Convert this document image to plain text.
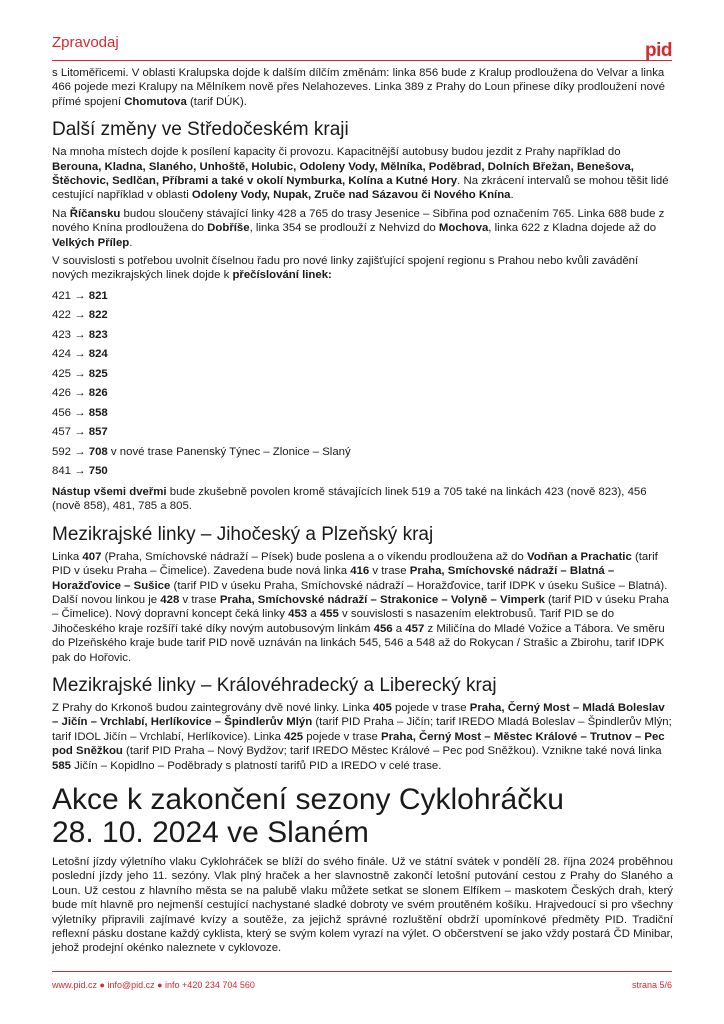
Zpravodaj	pid

s Litoměřicemi. V oblasti Kralupska dojde k dalším dílčím změnám: linka 856 bude z Kralup prodloužena do Velvar a linka 466 pojede mezi Kralupy na Mělníkem nově přes Nelahozeves. Linka 389 z Prahy do Loun přinese díky prodloužení nové přímé spojení Chomutova (tarif DÚK).

Další změny ve Středočeském kraji

Na mnoha místech dojde k posílení kapacity či provozu. Kapacitnější autobusy budou jezdit z Prahy například do Berouna, Kladna, Slaného, Unhoště, Holubic, Odoleny Vody, Mělníka, Poděbrad, Dolních Břežan, Benešova, Štěchovic, Sedlčan, Příbrami a také v okolí Nymburka, Kolína a Kutné Hory. Na zkrácení intervalů se mohou těšit lidé cestující například v oblasti Odoleny Vody, Nupak, Zruče nad Sázavou či Nového Knína.

Na Říčansku budou sloučeny stávající linky 428 a 765 do trasy Jesenice – Sibřina pod označením 765. Linka 688 bude z nového Knína prodloužena do Dobříše, linka 354 se prodlouží z Nehvizd do Mochova, linka 622 z Kladna dojede až do Velkých Přílep.

V souvislosti s potřebou uvolnit číselnou řadu pro nové linky zajišťující spojení regionu s Prahou nebo kvůli zavádění nových mezikrajských linek dojde k přečíslování linek:

421 → 821
422 → 822
423 → 823
424 → 824
425 → 825
426 → 826
456 → 858
457 → 857
592 → 708 v nové trase Panenský Týnec – Zlonice – Slaný
841 → 750

Nástup všemi dveřmi bude zkušebně povolen kromě stávajících linek 519 a 705 také na linkách 423 (nově 823), 456 (nově 858), 481, 785 a 805.

Mezikrajské linky – Jihočeský a Plzeňský kraj

Linka 407 (Praha, Smíchovské nádraží – Písek) bude poslena a o víkendu prodloužena až do Vodňan a Prachatic (tarif PID v úseku Praha – Čimelice). Zavedena bude nová linka 416 v trase Praha, Smíchovské nádraží – Blatná – Horažďovice – Sušice (tarif PID v úseku Praha, Smíchovské nádraží – Horažďovice, tarif IDPK v úseku Sušice – Blatná). Další novou linkou je 428 v trase Praha, Smíchovské nádraží – Strakonice – Volyně – Vimperk (tarif PID v úseku Praha – Čimelice). Nový dopravní koncept čeká linky 453 a 455 v souvislosti s nasazením elektrobusů. Tarif PID se do Jihočeského kraje rozšíří také díky novým autobusovým linkám 456 a 457 z Miličína do Mladé Vožice a Tábora. Ve směru do Plzeňského kraje bude tarif PID nově uznáván na linkách 545, 546 a 548 až do Rokycan / Strašic a Zbirohu, tarif IDPK pak do Hořovic.

Mezikrajské linky – Královéhradecký a Liberecký kraj

Z Prahy do Krkonoš budou zaintegrovány dvě nové linky. Linka 405 pojede v trase Praha, Černý Most – Mladá Boleslav – Jičín – Vrchlabí, Herlíkovice – Špindlerův Mlýn (tarif PID Praha – Jičín; tarif IREDO Mladá Boleslav – Špindlerův Mlýn; tarif IDOL Jičín – Vrchlabí, Herlíkovice). Linka 425 pojede v trase Praha, Černý Most – Městec Králové – Trutnov – Pec pod Sněžkou (tarif PID Praha – Nový Bydžov; tarif IREDO Městec Králové – Pec pod Sněžkou). Vznikne také nová linka 585 Jičín – Kopidlno – Poděbrady s platností tarifů PID a IREDO v celé trase.

Akce k zakončení sezony Cyklohráčku
28. 10. 2024 ve Slaném

Letošní jízdy výletního vlaku Cyklohráček se blíží do svého finále. Už ve státní svátek v pondělí 28. října 2024 proběhnou poslední jízdy jeho 11. sezóny. Vlak plný hraček a her slavnostně zakončí letošní putování cestou z Prahy do Slaného a Loun. Už cestou z hlavního města se na palubě vlaku můžete setkat se slonem Elfíkem – maskotem Českých drah, který bude mít hlavně pro nejmenší cestující nachystané sladké dobroty ve svém proutěném košíku. Hrajvedoucí si pro všechny výletníky připravili zajímavé kvízy a soutěže, za jejichž správné rozluštění obdrží upomínkové předměty PID. Tradiční reflexní pásku dostane každý cyklista, který se svým kolem vyrazí na výlet. O občerstvení se jako vždy postará ČD Minibar, jehož prodejní okénko naleznete v cyklovoze.

www.pid.cz ● info@pid.cz ● info +420 234 704 560	strana 5/6
